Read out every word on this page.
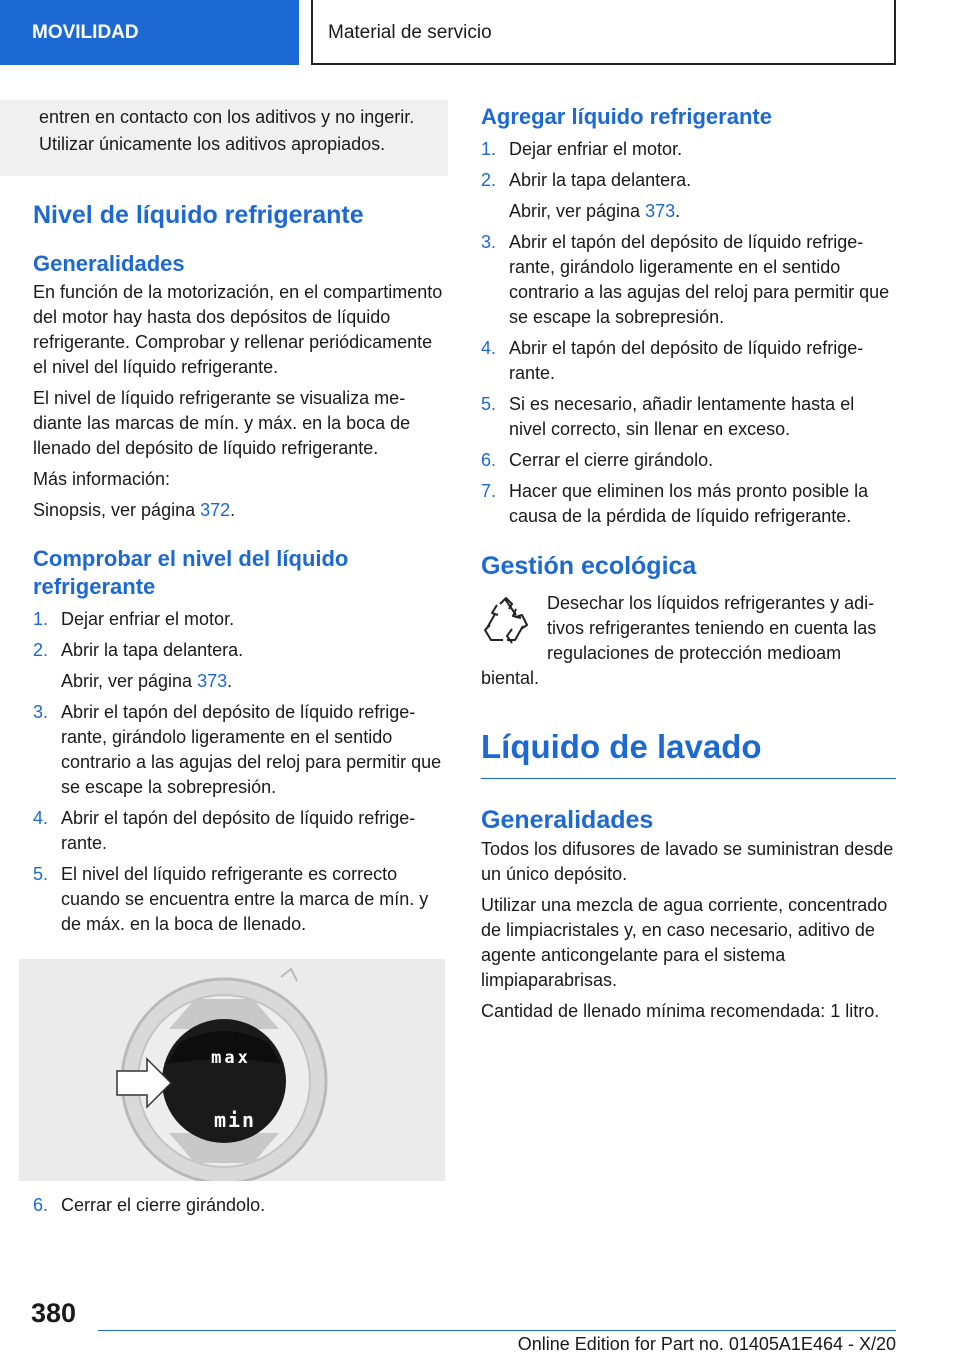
MOVILIDAD	Material de servicio
entren en contacto con los aditivos y no ingerir. Utilizar únicamente los aditivos apropiados.
Nivel de líquido refrigerante
Generalidades

En función de la motorización, en el compartimento del motor hay hasta dos depósitos de líquido refrigerante. Comprobar y rellenar periódicamente el nivel del líquido refrigerante.

El nivel de líquido refrigerante se visualiza mediante las marcas de mín. y máx. en la boca de llenado del depósito de líquido refrigerante.

Más información:

Sinopsis, ver página 372.

Comprobar el nivel del líquido refrigerante
1. Dejar enfriar el motor.
2. Abrir la tapa delantera.
Abrir, ver página 373.
3. Abrir el tapón del depósito de líquido refrigerante, girándolo ligeramente en el sentido contrario a las agujas del reloj para permitir que se escape la sobrepresión.
4. Abrir el tapón del depósito de líquido refrigerante.
5. El nivel del líquido refrigerante es correcto cuando se encuentra entre la marca de mín. y de máx. en la boca de llenado.
max
min
6. Cerrar el cierre girándolo.
Agregar líquido refrigerante
1. Dejar enfriar el motor.
2. Abrir la tapa delantera.
Abrir, ver página 373.
3. Abrir el tapón del depósito de líquido refrigerante, girándolo ligeramente en el sentido contrario a las agujas del reloj para permitir que se escape la sobrepresión.
4. Abrir el tapón del depósito de líquido refrigerante.
5. Si es necesario, añadir lentamente hasta el nivel correcto, sin llenar en exceso.
6. Cerrar el cierre girándolo.
7. Hacer que eliminen los más pronto posible la causa de la pérdida de líquido refrigerante.
Gestión ecológica
Desechar los líquidos refrigerantes y aditivos refrigerantes teniendo en cuenta las regulaciones de protección medioam
biental.
Líquido de lavado
Generalidades

Todos los difusores de lavado se suministran desde un único depósito.

Utilizar una mezcla de agua corriente, concentrado de limpiacristales y, en caso necesario, aditivo de agente anticongelante para el sistema limpiaparabrisas.

Cantidad de llenado mínima recomendada: 1 litro.

380
Online Edition for Part no. 01405A1E464 - X/20
